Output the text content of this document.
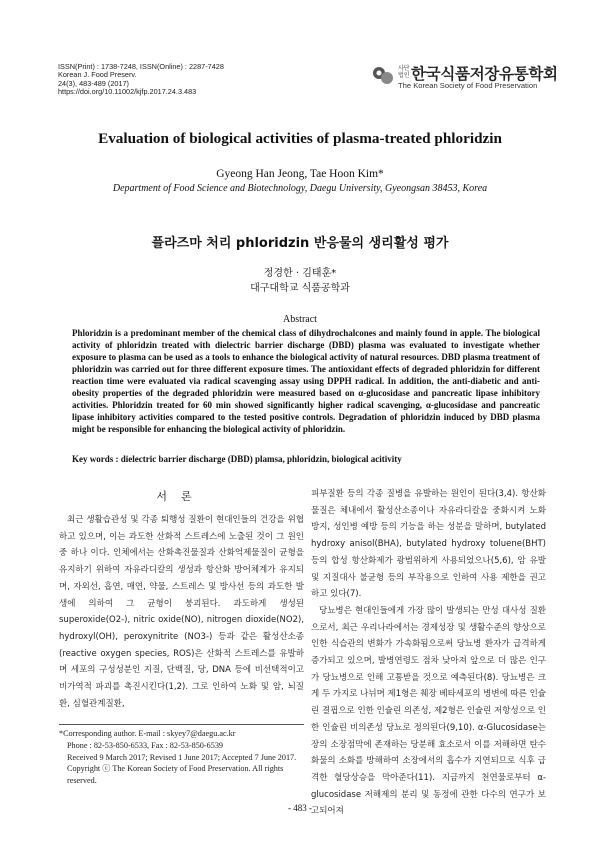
ISSN(Print) : 1738-7248, ISSN(Online) : 2287-7428
Korean J. Food Preserv.
24(3), 483-489 (2017)
https://doi.org/10.11002/kjfp.2017.24.3.483
사단 법인 한국식품저장유통학회
The Korean Society of Food Preservation
Evaluation of biological activities of plasma-treated phloridzin
Gyeong Han Jeong, Tae Hoon Kim*
Department of Food Science and Biotechnology, Daegu University, Gyeongsan 38453, Korea
플라즈마 처리 phloridzin 반응물의 생리활성 평가
정경한 · 김태훈*
대구대학교 식품공학과
Abstract
Phloridzin is a predominant member of the chemical class of dihydrochalcones and mainly found in apple. The biological activity of phloridzin treated with dielectric barrier discharge (DBD) plasma was evaluated to investigate whether exposure to plasma can be used as a tools to enhance the biological activity of natural resources. DBD plasma treatment of phloridzin was carried out for three different exposure times. The antioxidant effects of degraded phloridzin for different reaction time were evaluated via radical scavenging assay using DPPH radical. In addition, the anti-diabetic and anti-obesity properties of the degraded phloridzin were measured based on α-glucosidase and pancreatic lipase inhibitory activities. Phloridzin treated for 60 min showed significantly higher radical scavenging, α-glucosidase and pancreatic lipase inhibitory activities compared to the tested positive controls. Degradation of phloridzin induced by DBD plasma might be responsible for enhancing the biological activity of phloridzin.
Key words : dielectric barrier discharge (DBD) plamsa, phloridzin, biological acitivity
서론

최근 생활습관성 및 각종 퇴행성 질환이 현대인들의 건강을 위협하고 있으며, 이는 과도한 산화적 스트레스에 노출된 것이 그 원인 중 하나 이다. 인체에서는 산화촉진물질과 산화억제물질이 균형을 유지하기 위하여 자유라디칼의 생성과 항산화 방어체계가 유지되며, 자외선, 흡연, 매연, 약물, 스트레스 및 방사선 등의 과도한 발생에 의하여 그 균형이 붕괴된다. 과도하게 생성된 superoxide(O2-), nitric oxide(NO), nitrogen dioxide(NO2), hydroxyl(OH), peroxynitrite (NO3-) 등과 같은 활성산소종(reactive oxygen species, ROS)은 산화적 스트레스를 유발하며 세포의 구성성분인 지질, 단백질, 당, DNA 등에 비선택적이고 비가역적 파괴를 촉진시킨다(1,2). 그로 인하여 노화 및 암, 뇌질환, 심혈관계질환,

*Corresponding author. E-mail : skyey7@daegu.ac.kr
Phone : 82-53-850-6533, Fax : 82-53-850-6539
Received 9 March 2017; Revised 1 June 2017; Accepted 7 June 2017.
Copyright ⓒ The Korean Society of Food Preservation. All rights reserved.

피부질환 등의 각종 질병을 유발하는 원인이 된다(3,4). 항산화물질은 체내에서 활성산소종이나 자유라디칼을 중화시켜 노화방지, 성인병 예방 등의 기능을 하는 성분을 말하며, butylated hydroxy anisol(BHA), butylated hydroxy toluene(BHT) 등의 합성 항산화제가 광범위하게 사용되었으나(5,6), 암 유발 및 지질대사 불균형 등의 부작용으로 인하여 사용 제한을 권고하고 있다(7).

당뇨병은 현대인들에게 가장 많이 발생되는 만성 대사성 질환으로서, 최근 우리나라에서는 경제성장 및 생활수준의 향상으로 인한 식습관의 변화가 가속화됨으로써 당뇨병 환자가 급격하게 증가되고 있으며, 발병연령도 점차 낮아져 앞으로 더 많은 인구가 당뇨병으로 인해 고통받을 것으로 예측된다(8). 당뇨병은 크게 두 가지로 나뉘며 제1형은 췌장 베타세포의 병변에 따른 인슐린 결핍으로 인한 인슐린 의존성, 제2형은 인슐린 저항성으로 인한 인슐린 비의존성 당뇨로 정의된다(9,10). α-Glucosidase는 장의 소장점막에 존재하는 당분해 효소로서 이를 저해하면 탄수화물의 소화를 방해하여 소장에서의 흡수가 지연되므로 식후 급격한 혈당상승을 막아준다(11). 지금까지 천연물로부터 α-glucosidase 저해제의 분리 및 동정에 관한 다수의 연구가 보고되어져

- 483 -
